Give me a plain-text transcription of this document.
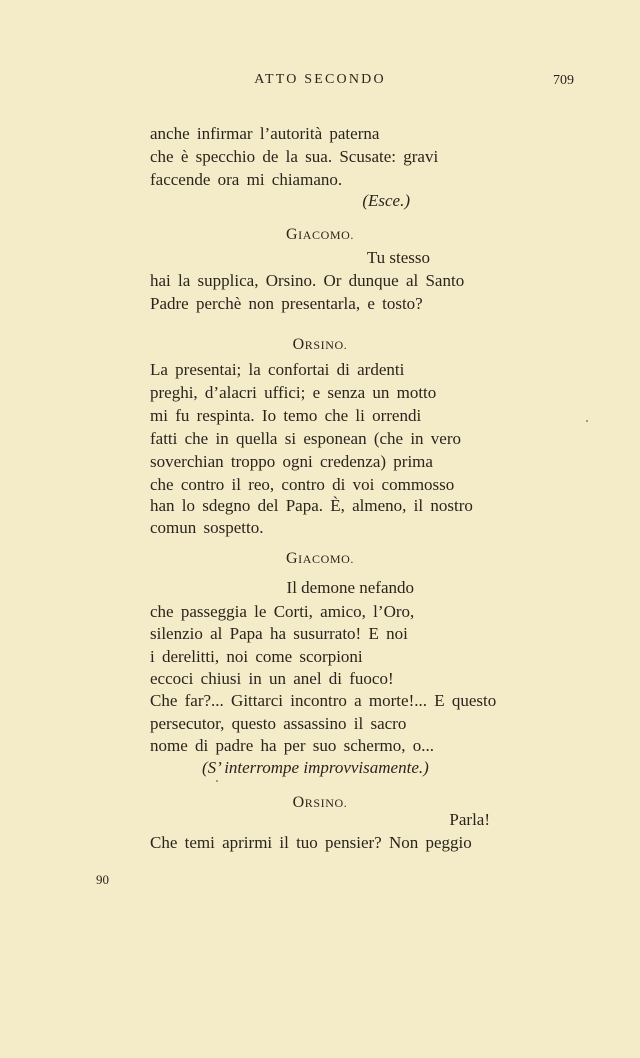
ATTO SECONDO	709
anche infirmar l’autorità paterna
che è specchio de la sua. Scusate: gravi
faccende ora mi chiamano.
(Esce.)
GIACOMO.
Tu stesso
hai la supplica, Orsino. Or dunque al Santo
Padre perchè non presentarla, e tosto?
ORSINO.
La presentai; la confortai di ardenti
preghi, d’alacri uffici; e senza un motto
mi fu respinta. Io temo che li orrendi
fatti che in quella si esponean (che in vero
soverchian troppo ogni credenza) prima
che contro il reo, contro di voi commosso
han lo sdegno del Papa. È, almeno, il nostro
comun sospetto.
GIACOMO.
Il demone nefando
che passeggia le Corti, amico, l’Oro,
silenzio al Papa ha susurrato! E noi
i derelitti, noi come scorpioni
eccoci chiusi in un anel di fuoco!
Che far?... Gittarci incontro a morte!... E questo
persecutor, questo assassino il sacro
nome di padre ha per suo schermo, o...
(S’ interrompe improvvisamente.)
ORSINO.
Parla!
Che temi aprirmi il tuo pensier? Non peggio
90
